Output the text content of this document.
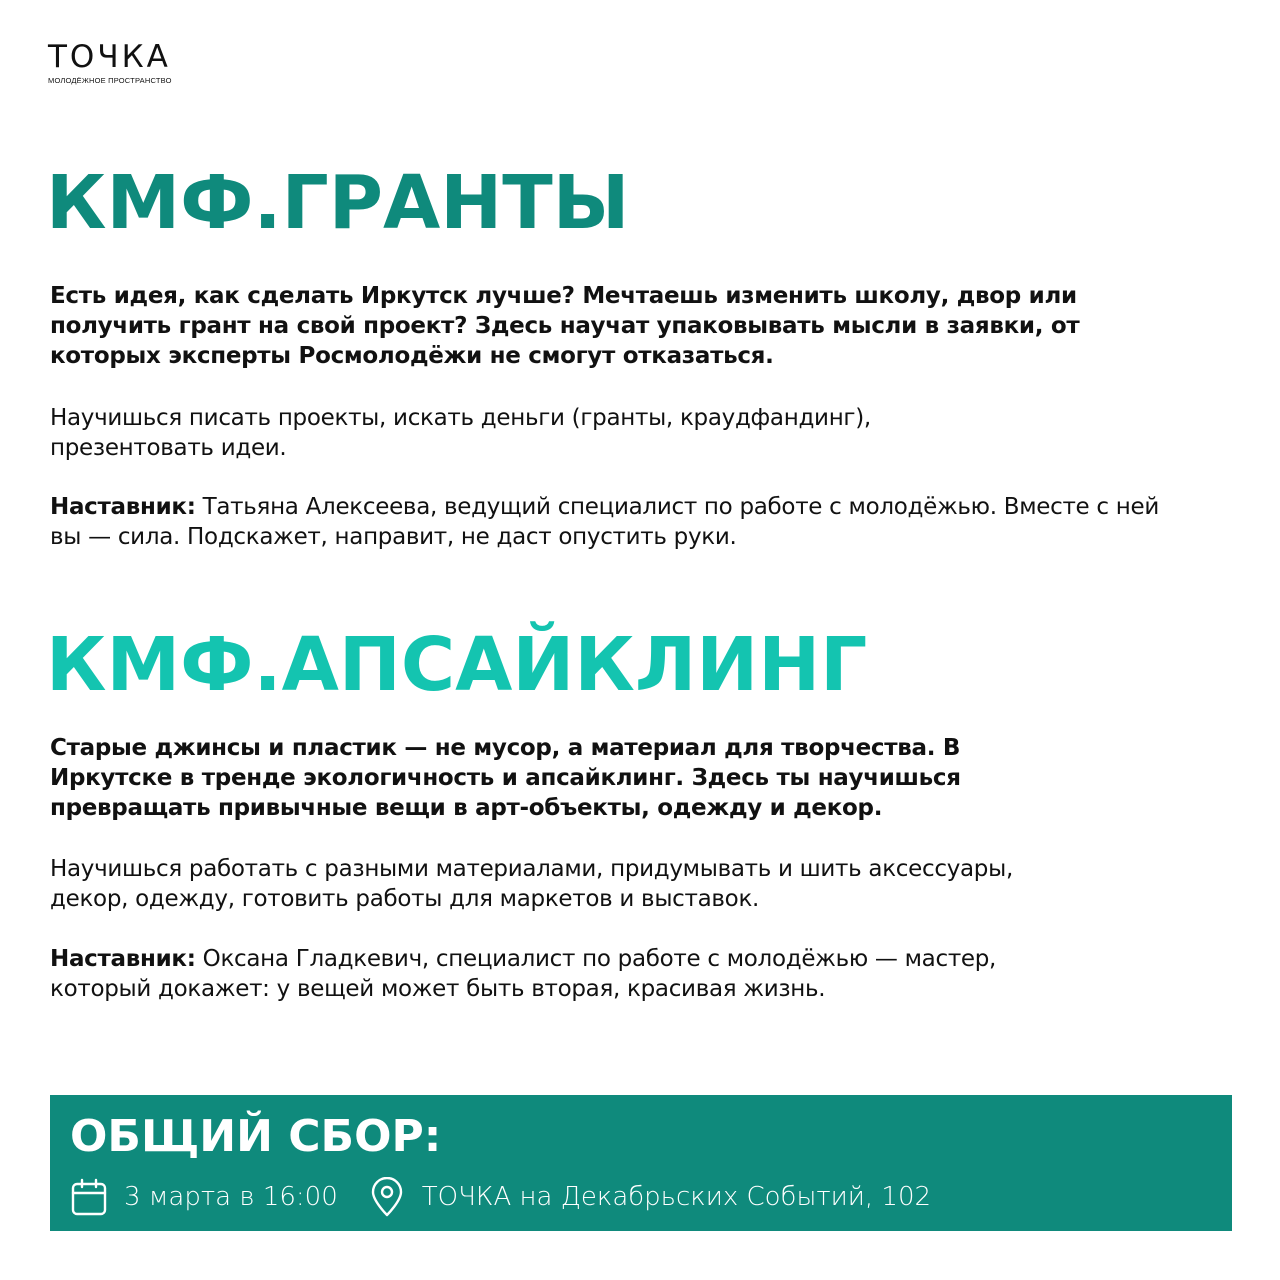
ТОЧКА
МОЛОДЁЖНОЕ ПРОСТРАНСТВО
КМФ.ГРАНТЫ

Есть идея, как сделать Иркутск лучше? Мечтаешь изменить школу, двор или получить грант на свой проект? Здесь научат упаковывать мысли в заявки, от которых эксперты Росмолодёжи не смогут отказаться.

Научишься писать проекты, искать деньги (гранты, краудфандинг), презентовать идеи.

Наставник: Татьяна Алексеева, ведущий специалист по работе с молодёжью. Вместе с ней вы — сила. Подскажет, направит, не даст опустить руки.

КМФ.АПСАЙКЛИНГ

Старые джинсы и пластик — не мусор, а материал для творчества. В Иркутске в тренде экологичность и апсайклинг. Здесь ты научишься превращать привычные вещи в арт-объекты, одежду и декор.

Научишься работать с разными материалами, придумывать и шить аксессуары, декор, одежду, готовить работы для маркетов и выставок.

Наставник: Оксана Гладкевич, специалист по работе с молодёжью — мастер, который докажет: у вещей может быть вторая, красивая жизнь.

ОБЩИЙ СБОР:
3 марта в 16:00	ТОЧКА на Декабрьских Событий, 102
